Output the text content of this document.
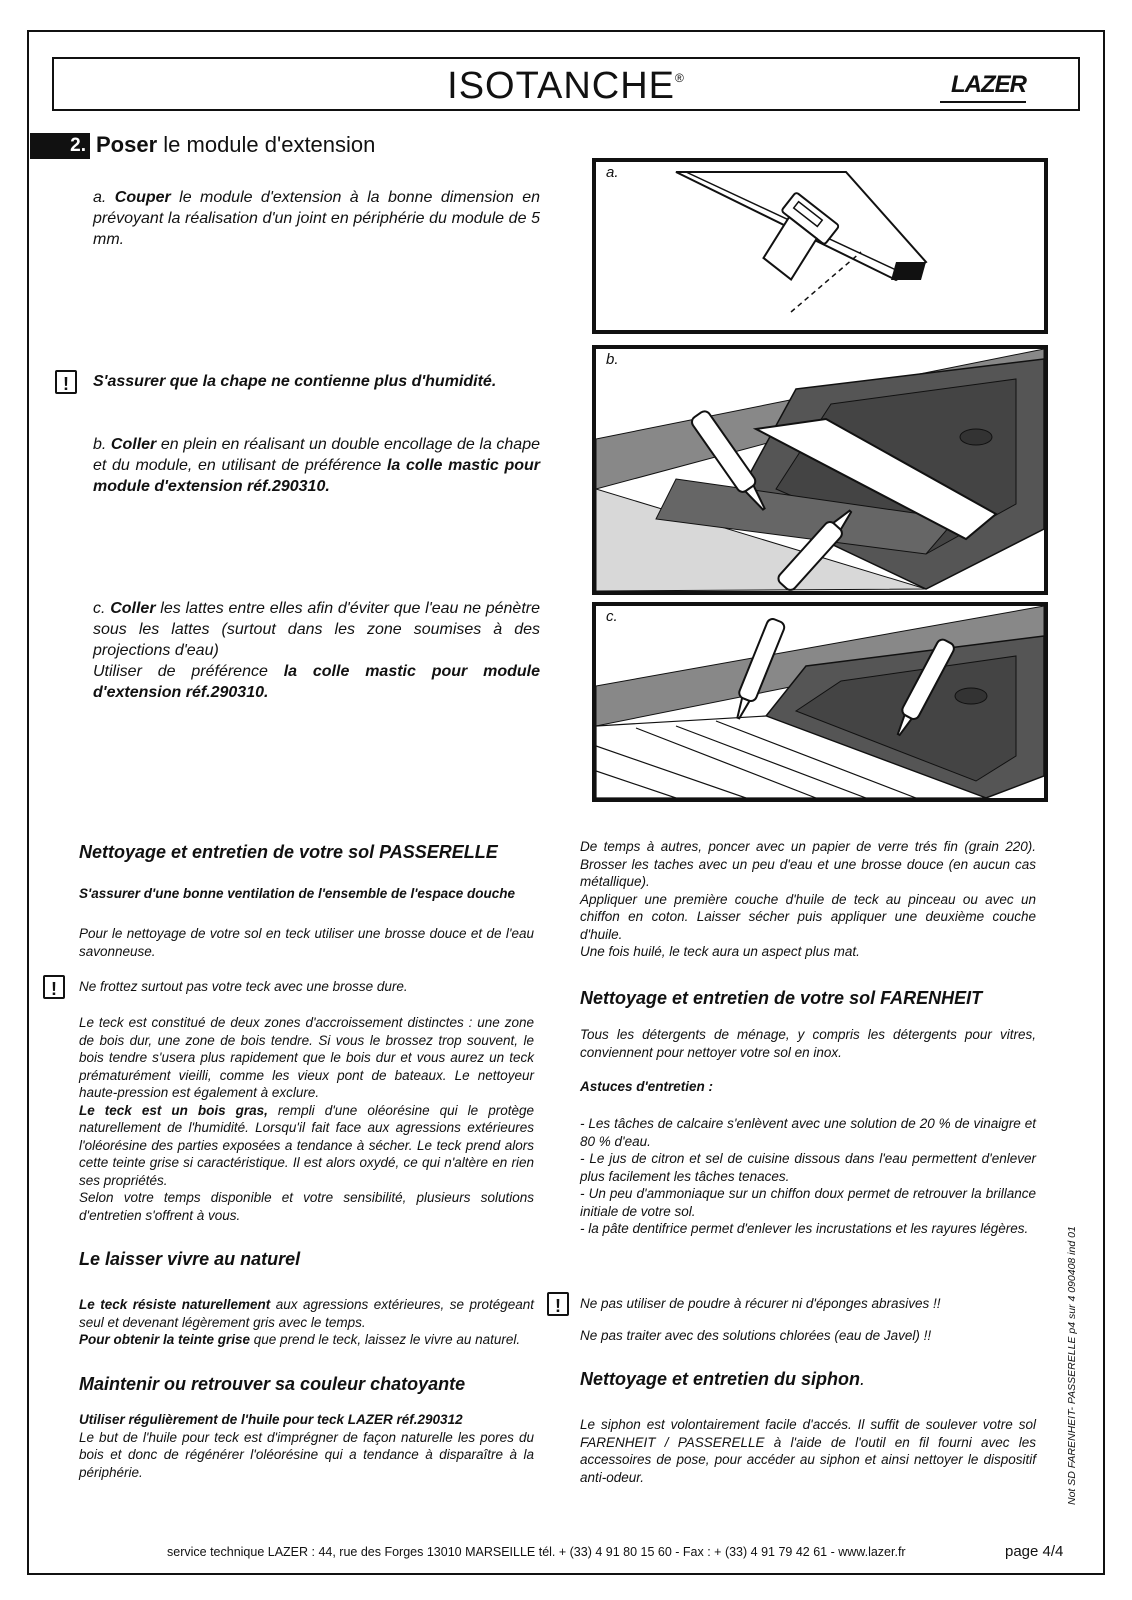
ISOTANCHE®	LAZER
2. Poser le module d'extension
a. Couper le module d'extension à la bonne dimension en prévoyant la réalisation d'un joint en périphérie du module de 5 mm.
! S'assurer que la chape ne contienne plus d'humidité.
b. Coller en plein en réalisant un double encollage de la chape et du module, en utilisant de préférence la colle mastic pour module d'extension réf.290310.
c. Coller les lattes entre elles afin d'éviter que l'eau ne pénètre sous les lattes (surtout dans les zone soumises à des projections d'eau)
Utiliser de préférence la colle mastic pour module d'extension réf.290310.
a.
b.
c.
Nettoyage et entretien de votre sol PASSERELLE
S'assurer d'une bonne ventilation de l'ensemble de l'espace douche
Pour le nettoyage de votre sol en teck utiliser une brosse douce et de l'eau savonneuse.
! Ne frottez surtout pas votre teck avec une brosse dure.
Le teck est constitué de deux zones d'accroissement distinctes : une zone de bois dur, une zone de bois tendre. Si vous le brossez trop souvent, le bois tendre s'usera plus rapidement que le bois dur et vous aurez un teck prématurément vieilli, comme les vieux pont de bateaux. Le nettoyeur haute-pression est également à exclure.
Le teck est un bois gras, rempli d'une oléorésine qui le protège naturellement de l'humidité. Lorsqu'il fait face aux agressions extérieures l'oléorésine des parties exposées a tendance à sécher. Le teck prend alors cette teinte grise si caractéristique. Il est alors oxydé, ce qui n'altère en rien ses propriétés.
Selon votre temps disponible et votre sensibilité, plusieurs solutions d'entretien s'offrent à vous.
Le laisser vivre au naturel
Le teck résiste naturellement aux agressions extérieures, se protégeant seul et devenant légèrement gris avec le temps.
Pour obtenir la teinte grise que prend le teck, laissez le vivre au naturel.
Maintenir ou retrouver sa couleur chatoyante
Utiliser régulièrement de l'huile pour teck LAZER réf.290312
Le but de l'huile pour teck est d'imprégner de façon naturelle les pores du bois et donc de régénérer l'oléorésine qui a tendance à disparaître à la périphérie.
De temps à autres, poncer avec un papier de verre trés fin (grain 220). Brosser les taches avec un peu d'eau et une brosse douce (en aucun cas métallique).
Appliquer une première couche d'huile de teck au pinceau ou avec un chiffon en coton. Laisser sécher puis appliquer une deuxième couche d'huile.
Une fois huilé, le teck aura un aspect plus mat.
Nettoyage et entretien de votre sol FARENHEIT
Tous les détergents de ménage, y compris les détergents pour vitres, conviennent pour nettoyer votre sol en inox.
Astuces d'entretien :
- Les tâches de calcaire s'enlèvent avec une solution de 20 % de vinaigre et 80 % d'eau.
- Le jus de citron et sel de cuisine dissous dans l'eau permettent d'enlever plus facilement les tâches tenaces.
- Un peu d'ammoniaque sur un chiffon doux permet de retrouver la brillance initiale de votre sol.
- la pâte dentifrice permet d'enlever les incrustations et les rayures légères.
! Ne pas utiliser de poudre à récurer ni d'éponges abrasives !!
Ne pas traiter avec des solutions chlorées (eau de Javel) !!
Nettoyage et entretien du siphon.
Le siphon est volontairement facile d'accés. Il suffit de soulever votre sol FARENHEIT / PASSERELLE à l'aide de l'outil en fil fourni avec les accessoires de pose, pour accéder au siphon et ainsi nettoyer le dispositif anti-odeur.	Not SD FARENHEIT- PASSERELLE p4 sur 4 090408 ind 01
service technique LAZER : 44, rue des Forges 13010 MARSEILLE tél. + (33) 4 91 80 15 60 - Fax : + (33) 4 91 79 42 61 - www.lazer.fr	page 4/4
